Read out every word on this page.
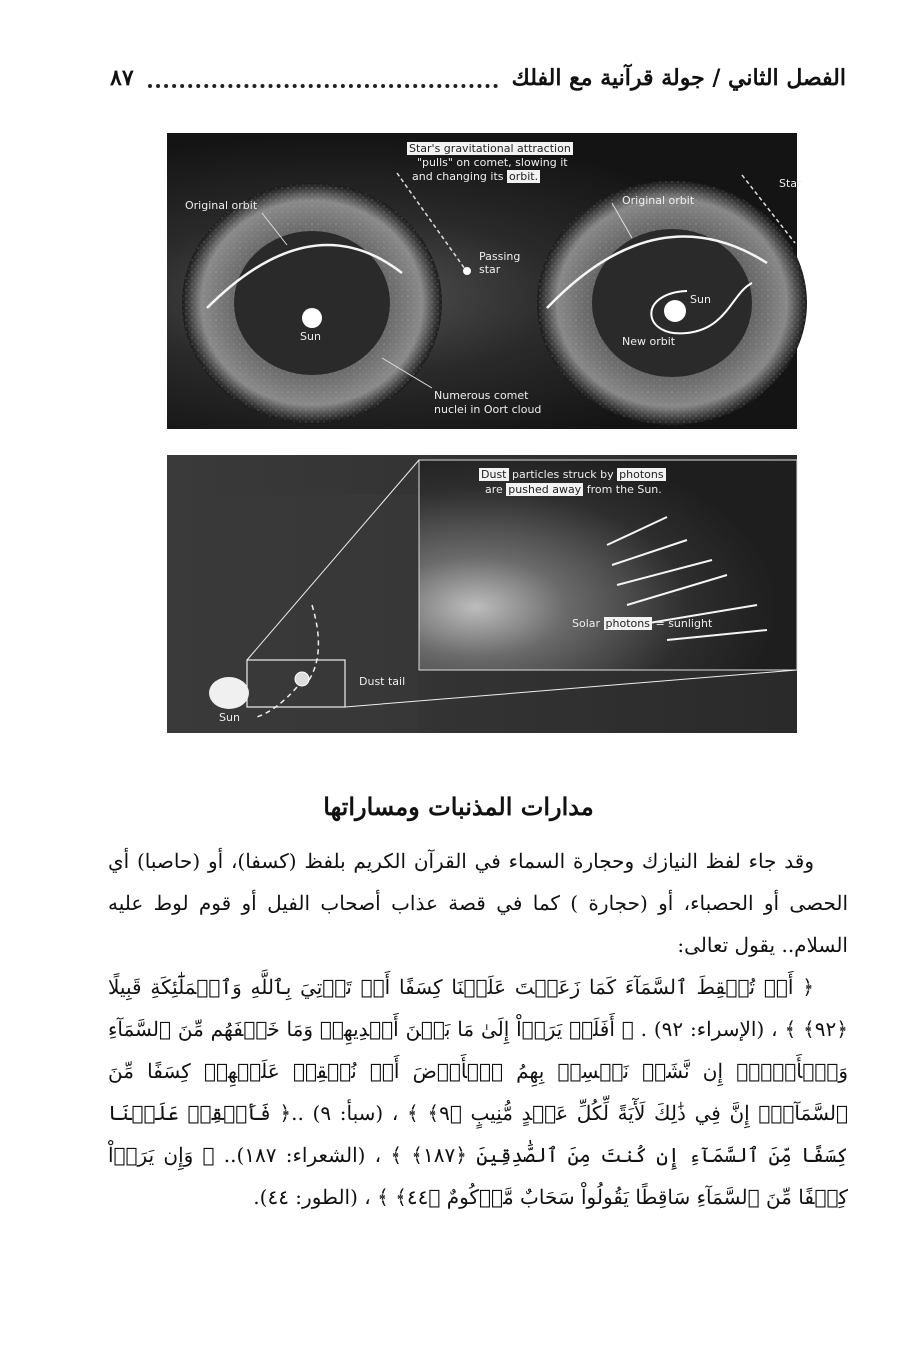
الفصل الثاني / جولة قرآنية مع الفلك
٨٧
Star's gravitational attraction
"pulls" on comet, slowing it
and changing its orbit.
Original orbit	Original orbit
Star
Passing
star
Sun
Sun
New orbit
Numerous comet
nuclei in Oort cloud
Dust particles struck by photons
are pushed away from the Sun.
Solar photons = sunlight
Dust tail
Sun
مدارات المذنبات ومساراتها

وقد جاء لفظ النيازك وحجارة السماء في القرآن الكريم بلفظ (كسفا)، أو (حاصبا) أي الحصى أو الحصباء، أو (حجارة ) كما في قصة عذاب أصحاب الفيل أو قوم لوط عليه السلام.. يقول تعالى:

﴿ أَوۡ تُسۡقِطَ ٱلسَّمَآءَ كَمَا زَعَمۡتَ عَلَيۡنَا كِسَفًا أَوۡ تَأۡتِيَ بِٱللَّهِ وَٱلۡمَلَٰٓئِكَةِ قَبِيلًا ﴿٩٢﴾ ﴾ ، (الإسراء: ٩٢) . ﴿ أَفَلَمۡ يَرَوۡاْ إِلَىٰ مَا بَيۡنَ أَيۡدِيهِمۡ وَمَا خَلۡفَهُم مِّنَ ٱلسَّمَآءِ وَٱلۡأَرۡضِۚ إِن نَّشَأۡ نَخۡسِفۡ بِهِمُ ٱلۡأَرۡضَ أَوۡ نُسۡقِطۡ عَلَيۡهِمۡ كِسَفًا مِّنَ ٱلسَّمَآءِۚ إِنَّ فِي ذَٰلِكَ لَأٓيَةً لِّكُلِّ عَبۡدٍ مُّنِيبٍ ﴿٩﴾ ﴾ ، (سبأ: ٩) ..﴿ فَأَسۡقِطۡ عَلَيۡنَا كِسَفًا مِّنَ ٱلسَّمَآءِ إِن كُنتَ مِنَ ٱلصَّٰدِقِينَ ﴿١٨٧﴾ ﴾ ، (الشعراء: ١٨٧).. ﴿ وَإِن يَرَوۡاْ كِسۡفًا مِّنَ ٱلسَّمَآءِ سَاقِطًا يَقُولُواْ سَحَابٌ مَّرۡكُومٌ ﴿٤٤﴾ ﴾ ، (الطور: ٤٤).
